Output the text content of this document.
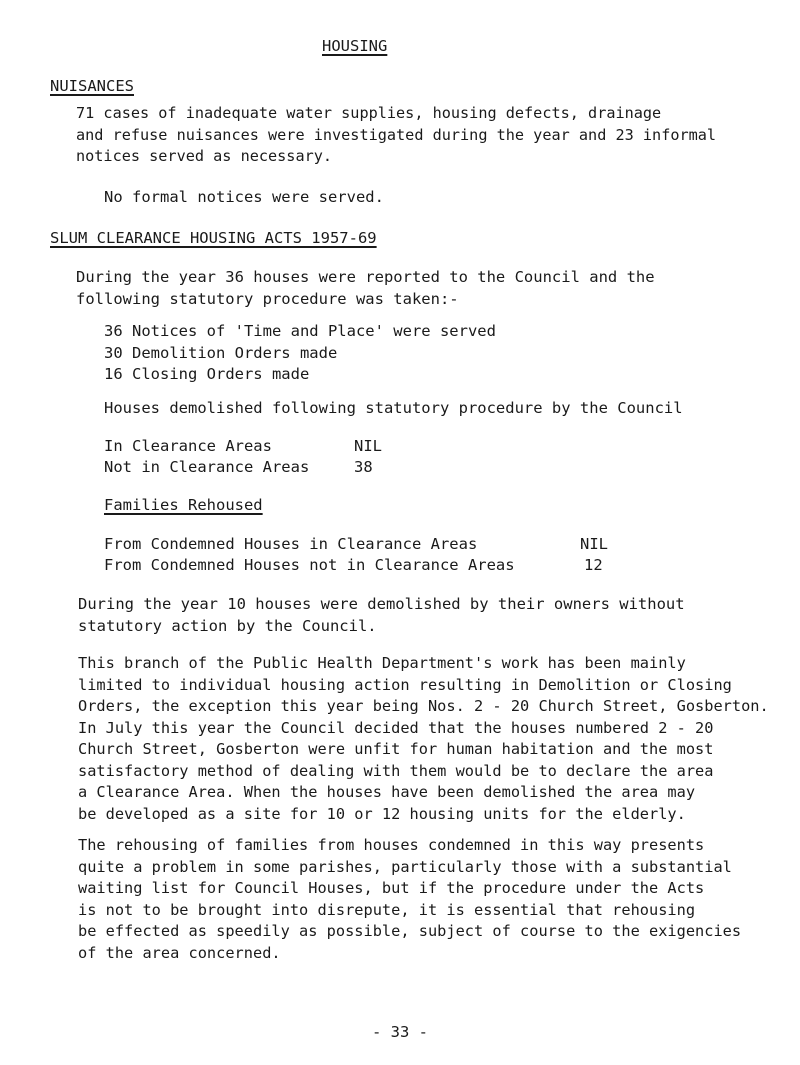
HOUSING
NUISANCES
71 cases of inadequate water supplies, housing defects, drainage
and refuse nuisances were investigated during the year and 23 informal
notices served as necessary.
No formal notices were served.
SLUM CLEARANCE HOUSING ACTS 1957-69
During the year 36 houses were reported to the Council and the
following statutory procedure was taken:-
36 Notices of 'Time and Place' were served
30 Demolition Orders made
16 Closing Orders made
Houses demolished following statutory procedure by the Council
In Clearance Areas	NIL
Not in Clearance Areas	38
Families Rehoused
From Condemned Houses in Clearance Areas	NIL
From Condemned Houses not in Clearance Areas	12
During the year 10 houses were demolished by their owners without
statutory action by the Council.
This branch of the Public Health Department's work has been mainly
limited to individual housing action resulting in Demolition or Closing
Orders, the exception this year being Nos. 2 - 20 Church Street, Gosberton.
In July this year the Council decided that the houses numbered 2 - 20
Church Street, Gosberton were unfit for human habitation and the most
satisfactory method of dealing with them would be to declare the area
a Clearance Area. When the houses have been demolished the area may
be developed as a site for 10 or 12 housing units for the elderly.
The rehousing of families from houses condemned in this way presents
quite a problem in some parishes, particularly those with a substantial
waiting list for Council Houses, but if the procedure under the Acts
is not to be brought into disrepute, it is essential that rehousing
be effected as speedily as possible, subject of course to the exigencies
of the area concerned.
- 33 -
